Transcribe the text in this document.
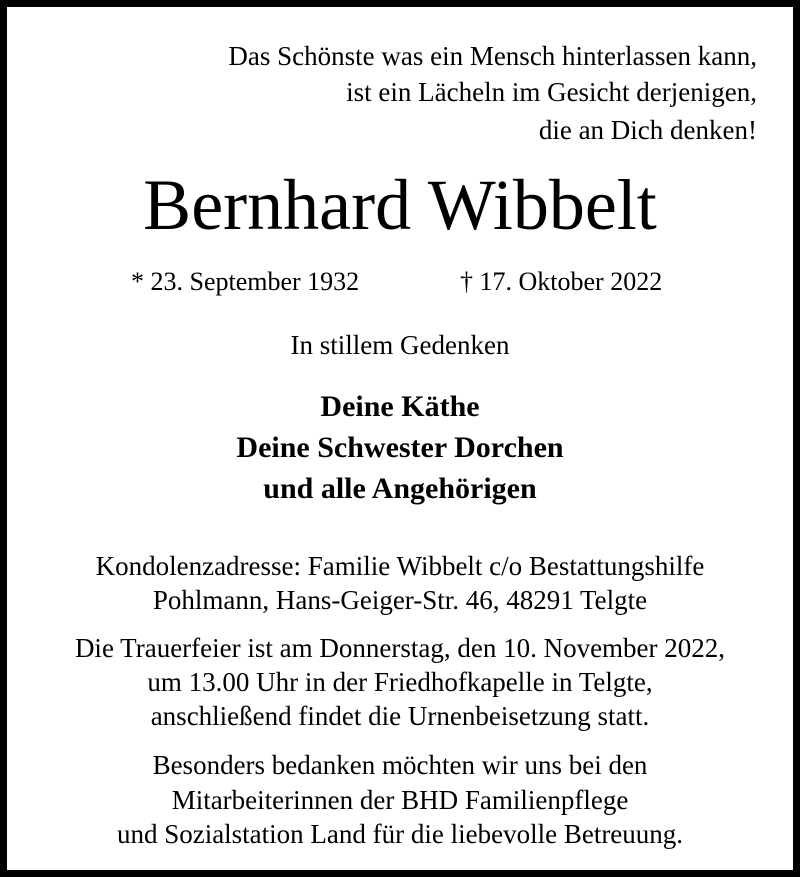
Das Schönste was ein Mensch hinterlassen kann,
ist ein Lächeln im Gesicht derjenigen,
die an Dich denken!
Bernhard Wibbelt
* 23. September 1932	† 17. Oktober 2022
In stillem Gedenken
Deine Käthe
Deine Schwester Dorchen
und alle Angehörigen
Kondolenzadresse: Familie Wibbelt c/o Bestattungshilfe
Pohlmann, Hans-Geiger-Str. 46, 48291 Telgte
Die Trauerfeier ist am Donnerstag, den 10. November 2022,
um 13.00 Uhr in der Friedhofkapelle in Telgte,
anschließend findet die Urnenbeisetzung statt.
Besonders bedanken möchten wir uns bei den
Mitarbeiterinnen der BHD Familienpflege
und Sozialstation Land für die liebevolle Betreuung.
